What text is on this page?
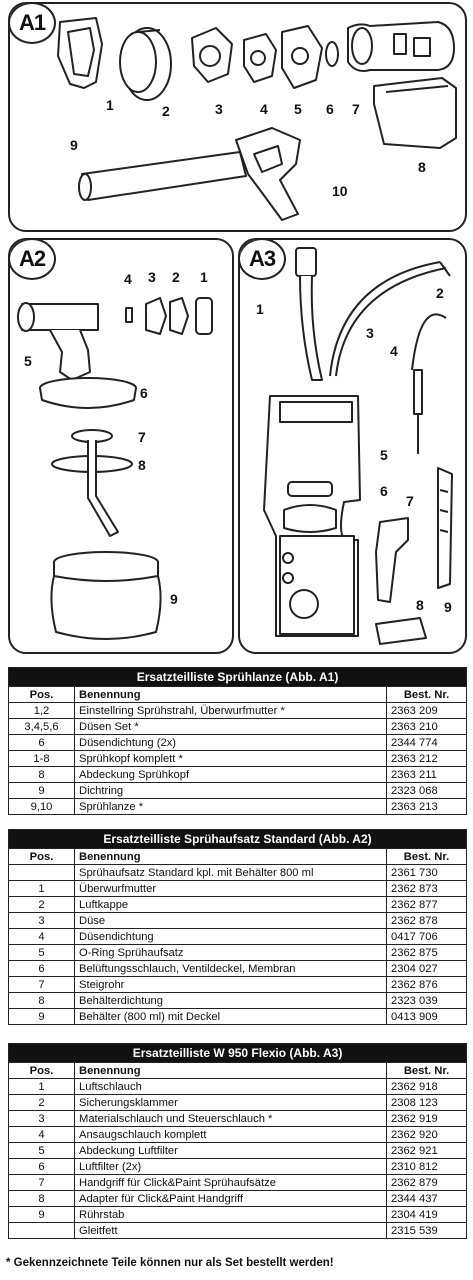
A1
1	2	3	4 5 6 7
8
9
10
A2
4 3 2 1
5
6
7
8
9
A3
1
2
3
4
5
6
7
8 9
Ersatzteilliste Sprühlanze (Abb. A1)		
Pos.	Benennung	Best. Nr.
1,2	Einstellring Sprühstrahl, Überwurfmutter *	2363 209
3,4,5,6	Düsen Set *	2363 210
6	Düsendichtung (2x)	2344 774
1-8	Sprühkopf komplett *	2363 212
8	Abdeckung Sprühkopf	2363 211
9	Dichtring	2323 068
9,10	Sprühlanze *	2363 213
Ersatzteilliste Sprühaufsatz Standard (Abb. A2)		
Pos.	Benennung	Best. Nr.
	Sprühaufsatz Standard kpl. mit Behälter 800 ml	2361 730
1	Überwurfmutter	2362 873
2	Luftkappe	2362 877
3	Düse	2362 878
4	Düsendichtung	0417 706
5	O-Ring Sprühaufsatz	2362 875
6	Belüftungsschlauch, Ventildeckel, Membran	2304 027
7	Steigrohr	2362 876
8	Behälterdichtung	2323 039
9	Behälter (800 ml) mit Deckel	0413 909
Ersatzteilliste W 950 Flexio (Abb. A3)		
Pos.	Benennung	Best. Nr.
1	Luftschlauch	2362 918
2	Sicherungsklammer	2308 123
3	Materialschlauch und Steuerschlauch *	2362 919
4	Ansaugschlauch komplett	2362 920
5	Abdeckung Luftfilter	2362 921
6	Luftfilter (2x)	2310 812
7	Handgriff für Click&Paint Sprühaufsätze	2362 879
8	Adapter für Click&Paint Handgriff	2344 437
9	Rührstab	2304 419
	Gleitfett	2315 539
* Gekennzeichnete Teile können nur als Set bestellt werden!
